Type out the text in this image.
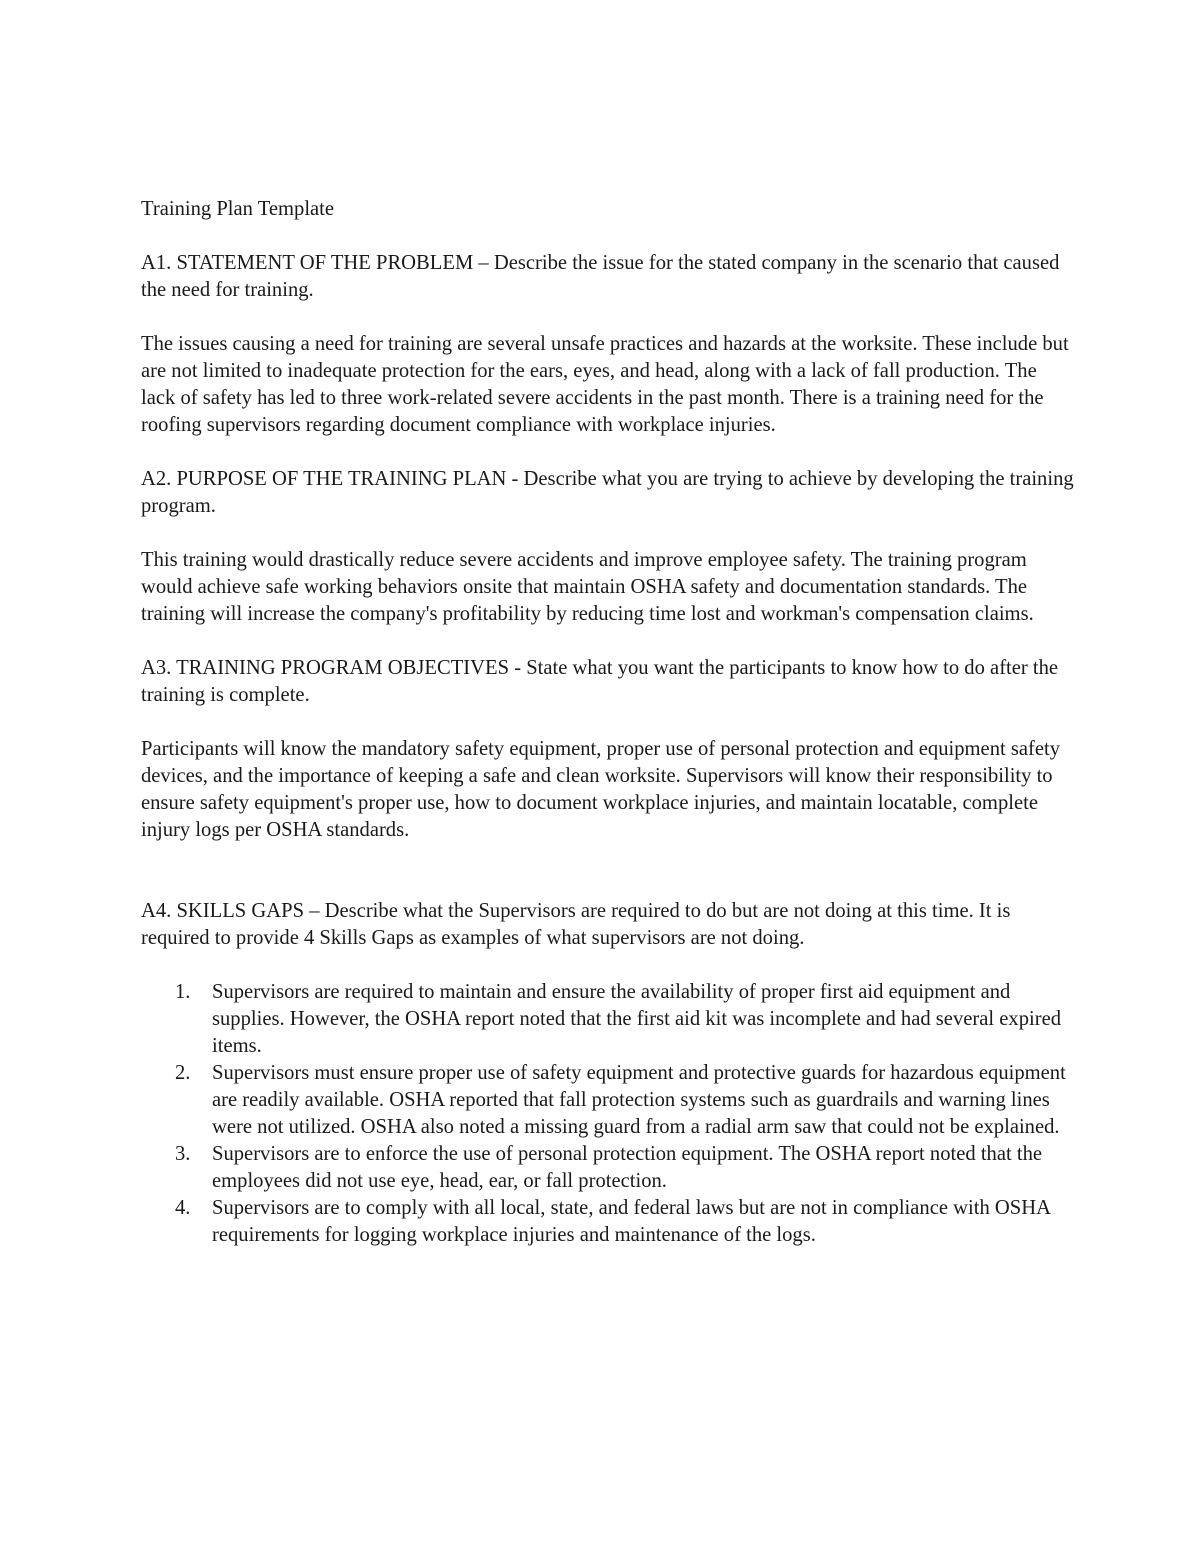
Training Plan Template

A1. STATEMENT OF THE PROBLEM – Describe the issue for the stated company in the scenario that caused the need for training.

The issues causing a need for training are several unsafe practices and hazards at the worksite. These include but are not limited to inadequate protection for the ears, eyes, and head, along with a lack of fall production. The lack of safety has led to three work-related severe accidents in the past month. There is a training need for the roofing supervisors regarding document compliance with workplace injuries.

A2. PURPOSE OF THE TRAINING PLAN - Describe what you are trying to achieve by developing the training program.

This training would drastically reduce severe accidents and improve employee safety. The training program would achieve safe working behaviors onsite that maintain OSHA safety and documentation standards. The training will increase the company's profitability by reducing time lost and workman's compensation claims.

A3. TRAINING PROGRAM OBJECTIVES - State what you want the participants to know how to do after the training is complete.

Participants will know the mandatory safety equipment, proper use of personal protection and equipment safety devices, and the importance of keeping a safe and clean worksite. Supervisors will know their responsibility to ensure safety equipment's proper use, how to document workplace injuries, and maintain locatable, complete injury logs per OSHA standards.

A4. SKILLS GAPS – Describe what the Supervisors are required to do but are not doing at this time. It is required to provide 4 Skills Gaps as examples of what supervisors are not doing.

1. Supervisors are required to maintain and ensure the availability of proper first aid equipment and supplies. However, the OSHA report noted that the first aid kit was incomplete and had several expired items.
2. Supervisors must ensure proper use of safety equipment and protective guards for hazardous equipment are readily available. OSHA reported that fall protection systems such as guardrails and warning lines were not utilized. OSHA also noted a missing guard from a radial arm saw that could not be explained.
3. Supervisors are to enforce the use of personal protection equipment. The OSHA report noted that the employees did not use eye, head, ear, or fall protection.
4. Supervisors are to comply with all local, state, and federal laws but are not in compliance with OSHA requirements for logging workplace injuries and maintenance of the logs.
